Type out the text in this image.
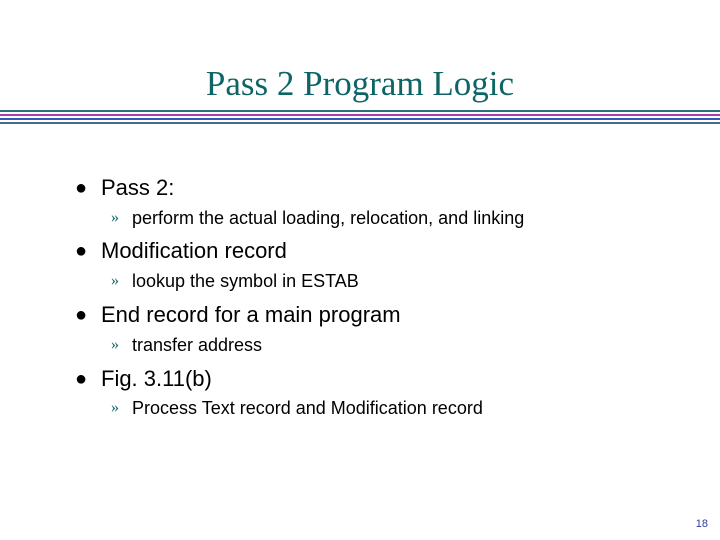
Pass 2 Program Logic
● Pass 2:
» perform the actual loading, relocation, and linking
● Modification record
» lookup the symbol in ESTAB
● End record for a main program
» transfer address
● Fig. 3.11(b)
» Process Text record and Modification record
18
